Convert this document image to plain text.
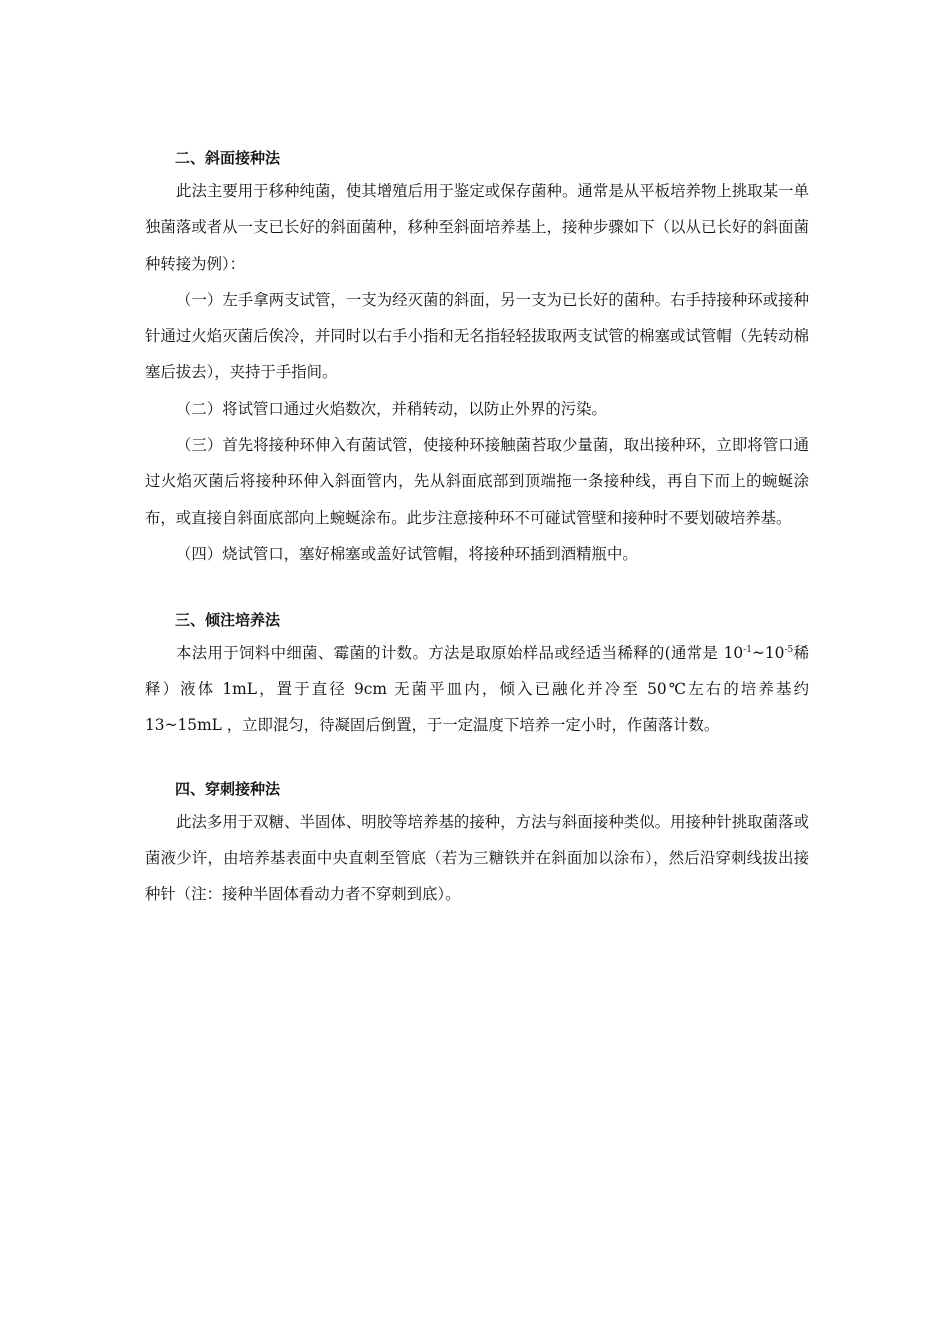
二、斜面接种法

此法主要用于移种纯菌，使其增殖后用于鉴定或保存菌种。通常是从平板培养物上挑取某一单独菌落或者从一支已长好的斜面菌种，移种至斜面培养基上，接种步骤如下（以从已长好的斜面菌种转接为例）：

（一）左手拿两支试管，一支为经灭菌的斜面，另一支为已长好的菌种。右手持接种环或接种针通过火焰灭菌后俟冷，并同时以右手小指和无名指轻轻拔取两支试管的棉塞或试管帽（先转动棉塞后拔去），夹持于手指间。

（二）将试管口通过火焰数次，并稍转动，以防止外界的污染。

（三）首先将接种环伸入有菌试管，使接种环接触菌苔取少量菌，取出接种环，立即将管口通过火焰灭菌后将接种环伸入斜面管内，先从斜面底部到顶端拖一条接种线，再自下而上的蜿蜒涂布，或直接自斜面底部向上蜿蜒涂布。此步注意接种环不可碰试管壁和接种时不要划破培养基。

（四）烧试管口，塞好棉塞或盖好试管帽，将接种环插到酒精瓶中。

三、倾注培养法

本法用于饲料中细菌、霉菌的计数。方法是取原始样品或经适当稀释的(通常是 $10^{-1}\sim 10^{-5}$稀释）液体 1mL，置于直径 9cm 无菌平皿内，倾入已融化并冷至 50℃左右的培养基约 13~15mL ，立即混匀，待凝固后倒置，于一定温度下培养一定小时，作菌落计数。

四、穿刺接种法

此法多用于双糖、半固体、明胶等培养基的接种，方法与斜面接种类似。用接种针挑取菌落或菌液少许，由培养基表面中央直刺至管底（若为三糖铁并在斜面加以涂布），然后沿穿刺线拔出接种针（注：接种半固体看动力者不穿刺到底）。
